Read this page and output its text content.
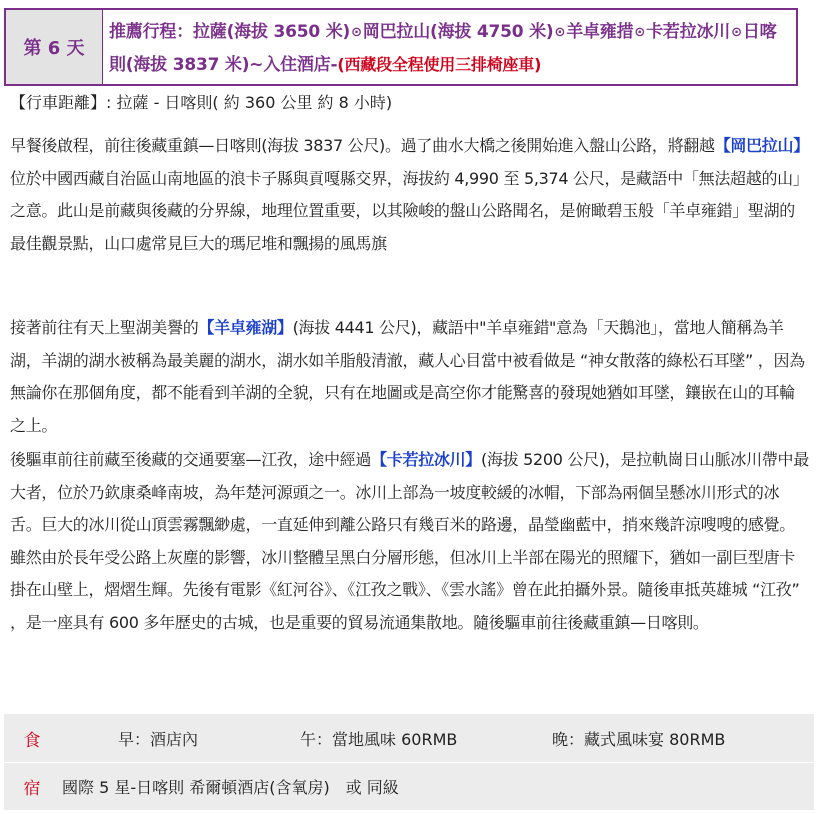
第 6 天
推薦行程：拉薩(海拔 3650 米)⊙岡巴拉山(海拔 4750 米)⊙羊卓雍措⊙卡若拉冰川⊙日喀則(海拔 3837 米)~入住酒店-(西藏段全程使用三排椅座車)
【行車距離】: 拉薩 - 日喀則( 約 360 公里 約 8 小時)

早餐後啟程，前往後藏重鎮—日喀則(海拔 3837 公尺)。過了曲水大橋之後開始進入盤山公路，將翻越【岡巴拉山】位於中國西藏自治區山南地區的浪卡子縣與貢嘎縣交界，海拔約 4,990 至 5,374 公尺，是藏語中「無法超越的山」之意。此山是前藏與後藏的分界線，地理位置重要，以其險峻的盤山公路聞名，是俯瞰碧玉般「羊卓雍錯」聖湖的最佳觀景點，山口處常見巨大的瑪尼堆和飄揚的風馬旗

接著前往有天上聖湖美譽的【羊卓雍湖】(海拔 4441 公尺)，藏語中"羊卓雍錯"意為「天鵝池」，當地人簡稱為羊湖，羊湖的湖水被稱為最美麗的湖水，湖水如羊脂般清澈，藏人心目當中被看做是 “神女散落的綠松石耳墜” ，因為無論你在那個角度，都不能看到羊湖的全貌，只有在地圖或是高空你才能驚喜的發現她猶如耳墜，鑲嵌在山的耳輪之上。

後驅車前往前藏至後藏的交通要塞—江孜，途中經過【卡若拉冰川】(海拔 5200 公尺)，是拉軌崗日山脈冰川帶中最大者，位於乃欽康桑峰南坡，為年楚河源頭之一。冰川上部為一坡度較緩的冰帽，下部為兩個呈懸冰川形式的冰舌。巨大的冰川從山頂雲霧飄緲處，一直延伸到離公路只有幾百米的路邊，晶瑩幽藍中，捎來幾許涼嗖嗖的感覺。雖然由於長年受公路上灰塵的影響，冰川整體呈黑白分層形態，但冰川上半部在陽光的照耀下，猶如一副巨型唐卡掛在山壁上，熠熠生輝。先後有電影《紅河谷》、《江孜之戰》、《雲水謠》曾在此拍攝外景。隨後車抵英雄城 “江孜” ，是一座具有 600 多年歷史的古城，也是重要的貿易流通集散地。隨後驅車前往後藏重鎮—日喀則。

食	早：酒店內	午：當地風味 60RMB	晚：藏式風味宴 80RMB
宿	國際 5 星-日喀則 希爾頓酒店(含氧房)　或 同級
